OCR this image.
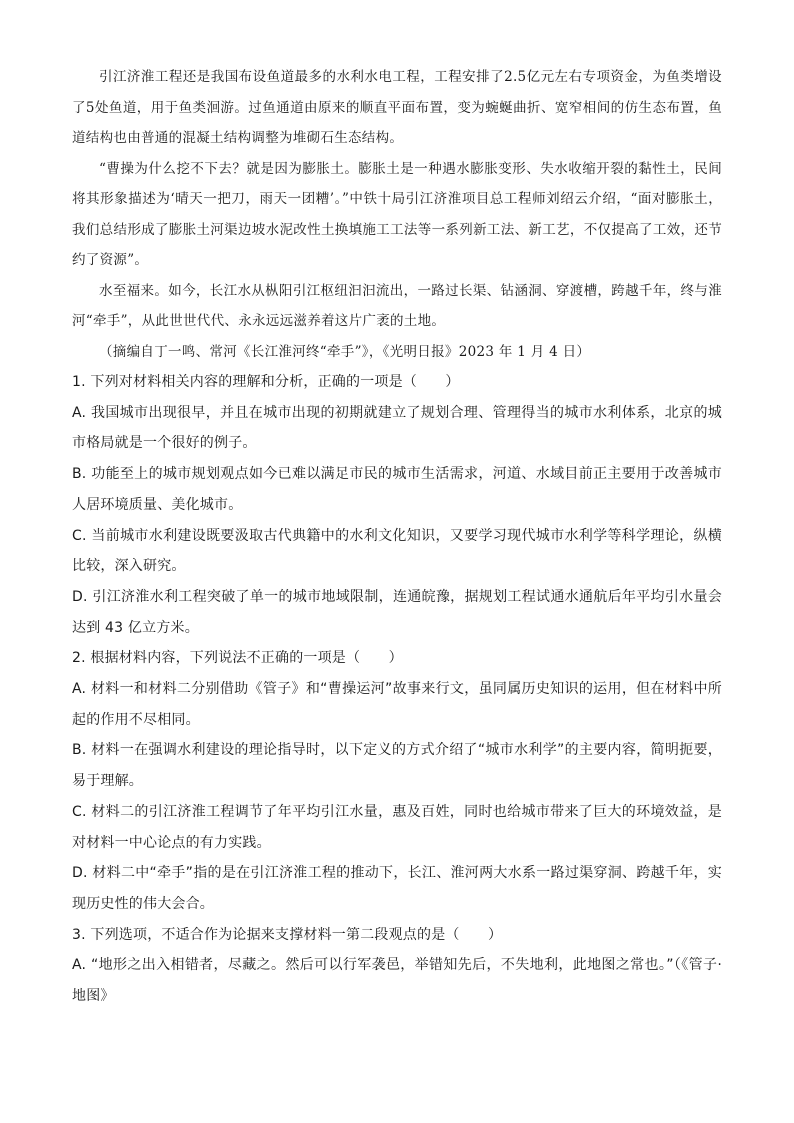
引江济淮工程还是我国布设鱼道最多的水利水电工程，工程安排了2.5亿元左右专项资金，为鱼类增设了5处鱼道，用于鱼类洄游。过鱼通道由原来的顺直平面布置，变为蜿蜒曲折、宽窄相间的仿生态布置，鱼道结构也由普通的混凝土结构调整为堆砌石生态结构。

“曹操为什么挖不下去？就是因为膨胀土。膨胀土是一种遇水膨胀变形、失水收缩开裂的黏性土，民间将其形象描述为‘晴天一把刀，雨天一团糟’。”中铁十局引江济淮项目总工程师刘绍云介绍，“面对膨胀土，我们总结形成了膨胀土河渠边坡水泥改性土换填施工工法等一系列新工法、新工艺，不仅提高了工效，还节约了资源”。

水至福来。如今，长江水从枞阳引江枢纽汩汩流出，一路过长渠、钻涵洞、穿渡槽，跨越千年，终与淮河“牵手”，从此世世代代、永永远远滋养着这片广袤的土地。

（摘编自丁一鸣、常河《长江淮河终“牵手”》，《光明日报》2023 年 1 月 4 日）

1. 下列对材料相关内容的理解和分析，正确的一项是（　　）

A. 我国城市出现很早，并且在城市出现的初期就建立了规划合理、管理得当的城市水利体系，北京的城市格局就是一个很好的例子。

B. 功能至上的城市规划观点如今已难以满足市民的城市生活需求，河道、水域目前正主要用于改善城市人居环境质量、美化城市。

C. 当前城市水利建设既要汲取古代典籍中的水利文化知识，又要学习现代城市水利学等科学理论，纵横比较，深入研究。

D. 引江济淮水利工程突破了单一的城市地域限制，连通皖豫，据规划工程试通水通航后年平均引水量会达到 43 亿立方米。

2. 根据材料内容，下列说法不正确的一项是（　　）

A. 材料一和材料二分别借助《管子》和“曹操运河”故事来行文，虽同属历史知识的运用，但在材料中所起的作用不尽相同。

B. 材料一在强调水利建设的理论指导时，以下定义的方式介绍了“城市水利学”的主要内容，简明扼要，易于理解。

C. 材料二的引江济淮工程调节了年平均引江水量，惠及百姓，同时也给城市带来了巨大的环境效益，是对材料一中心论点的有力实践。

D. 材料二中“牵手”指的是在引江济淮工程的推动下，长江、淮河两大水系一路过渠穿洞、跨越千年，实现历史性的伟大会合。

3. 下列选项，不适合作为论据来支撑材料一第二段观点的是（　　）

A. “地形之出入相错者，尽藏之。然后可以行军袭邑，举错知先后，不失地利，此地图之常也。”（《管子·地图》
